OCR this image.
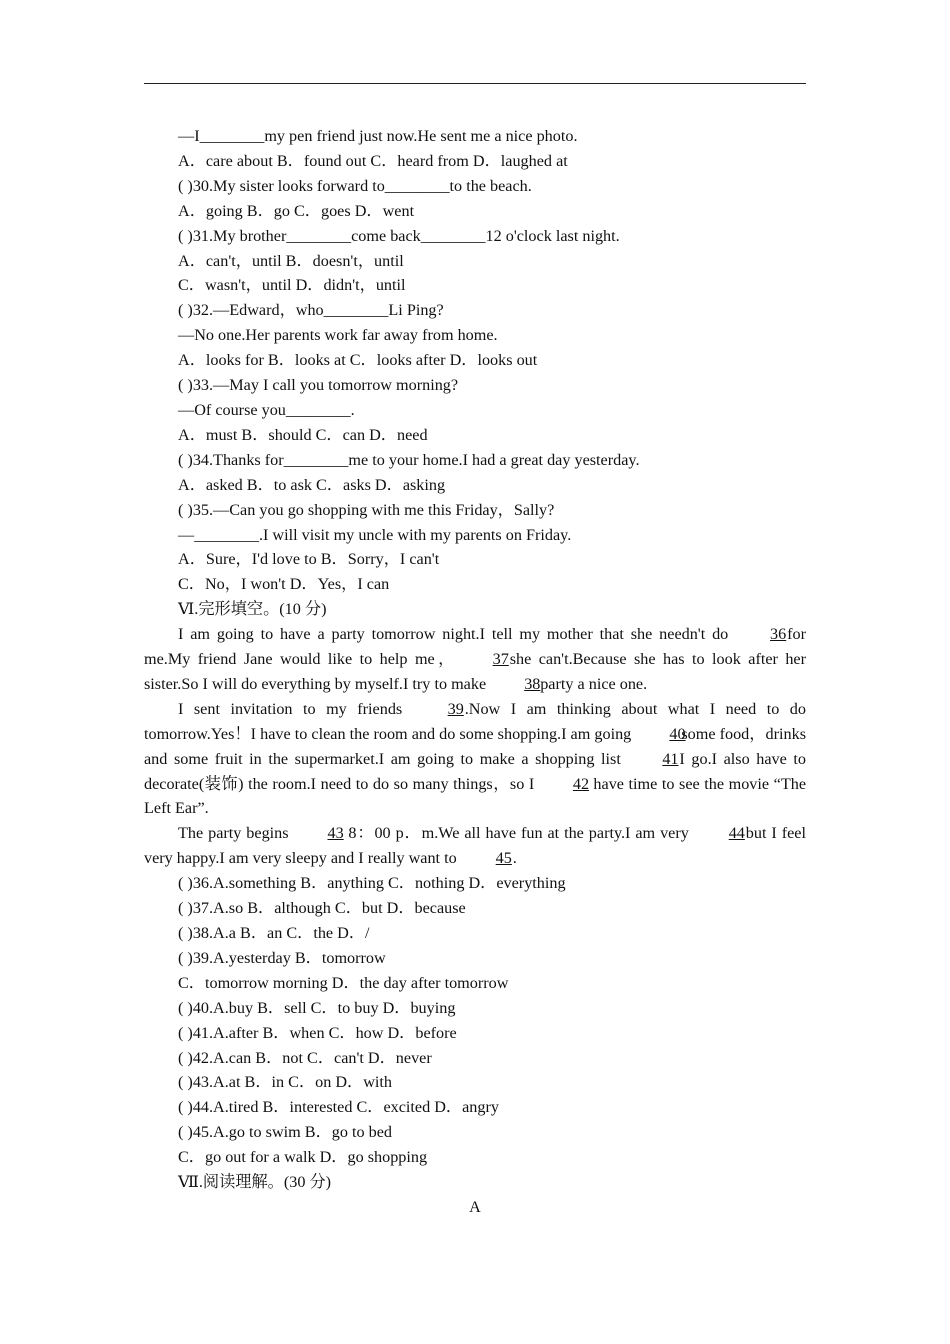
—I________my pen friend just now.He sent me a nice photo.

A．care about B．found out C．heard from D．laughed at

( )30.My sister looks forward to________to the beach.

A．going B．go C．goes D．went

( )31.My brother________come back________12 o'clock last night.

A．can't，until B．doesn't，until

C．wasn't，until D．didn't，until

( )32.—Edward，who________Li Ping?

—No one.Her parents work far away from home.

A．looks for B．looks at C．looks after D．looks out

( )33.—May I call you tomorrow morning?

—Of course you________.

A．must B．should C．can D．need

( )34.Thanks for________me to your home.I had a great day yesterday.

A．asked B．to ask C．asks D．asking

( )35.—Can you go shopping with me this Friday，Sally?

—________.I will visit my uncle with my parents on Friday.

A．Sure，I'd love to B．Sorry，I can't

C．No，I won't D．Yes，I can

Ⅵ.完形填空。(10 分)

I am going to have a party tomorrow night.I tell my mother that she needn't do 36for me.My friend Jane would like to help me， 37she can't.Because she has to look after her sister.So I will do everything by myself.I try to make 38party a nice one.

I sent invitation to my friends 39.Now I am thinking about what I need to do tomorrow.Yes！I have to clean the room and do some shopping.I am going 40some food，drinks and some fruit in the supermarket.I am going to make a shopping list 41I go.I also have to decorate(装饰) the room.I need to do so many things，so I 42 have time to see the movie “The Left Ear”.

The party begins 43 8：00 p．m.We all have fun at the party.I am very 44but I feel very happy.I am very sleepy and I really want to 45.

( )36.A.something B．anything C．nothing D．everything

( )37.A.so B．although C．but D．because

( )38.A.a B．an C．the D．/

( )39.A.yesterday B．tomorrow

C．tomorrow morning D．the day after tomorrow

( )40.A.buy B．sell C．to buy D．buying

( )41.A.after B．when C．how D．before

( )42.A.can B．not C．can't D．never

( )43.A.at B．in C．on D．with

( )44.A.tired B．interested C．excited D．angry

( )45.A.go to swim B．go to bed

C．go out for a walk D．go shopping

Ⅶ.阅读理解。(30 分)

A
